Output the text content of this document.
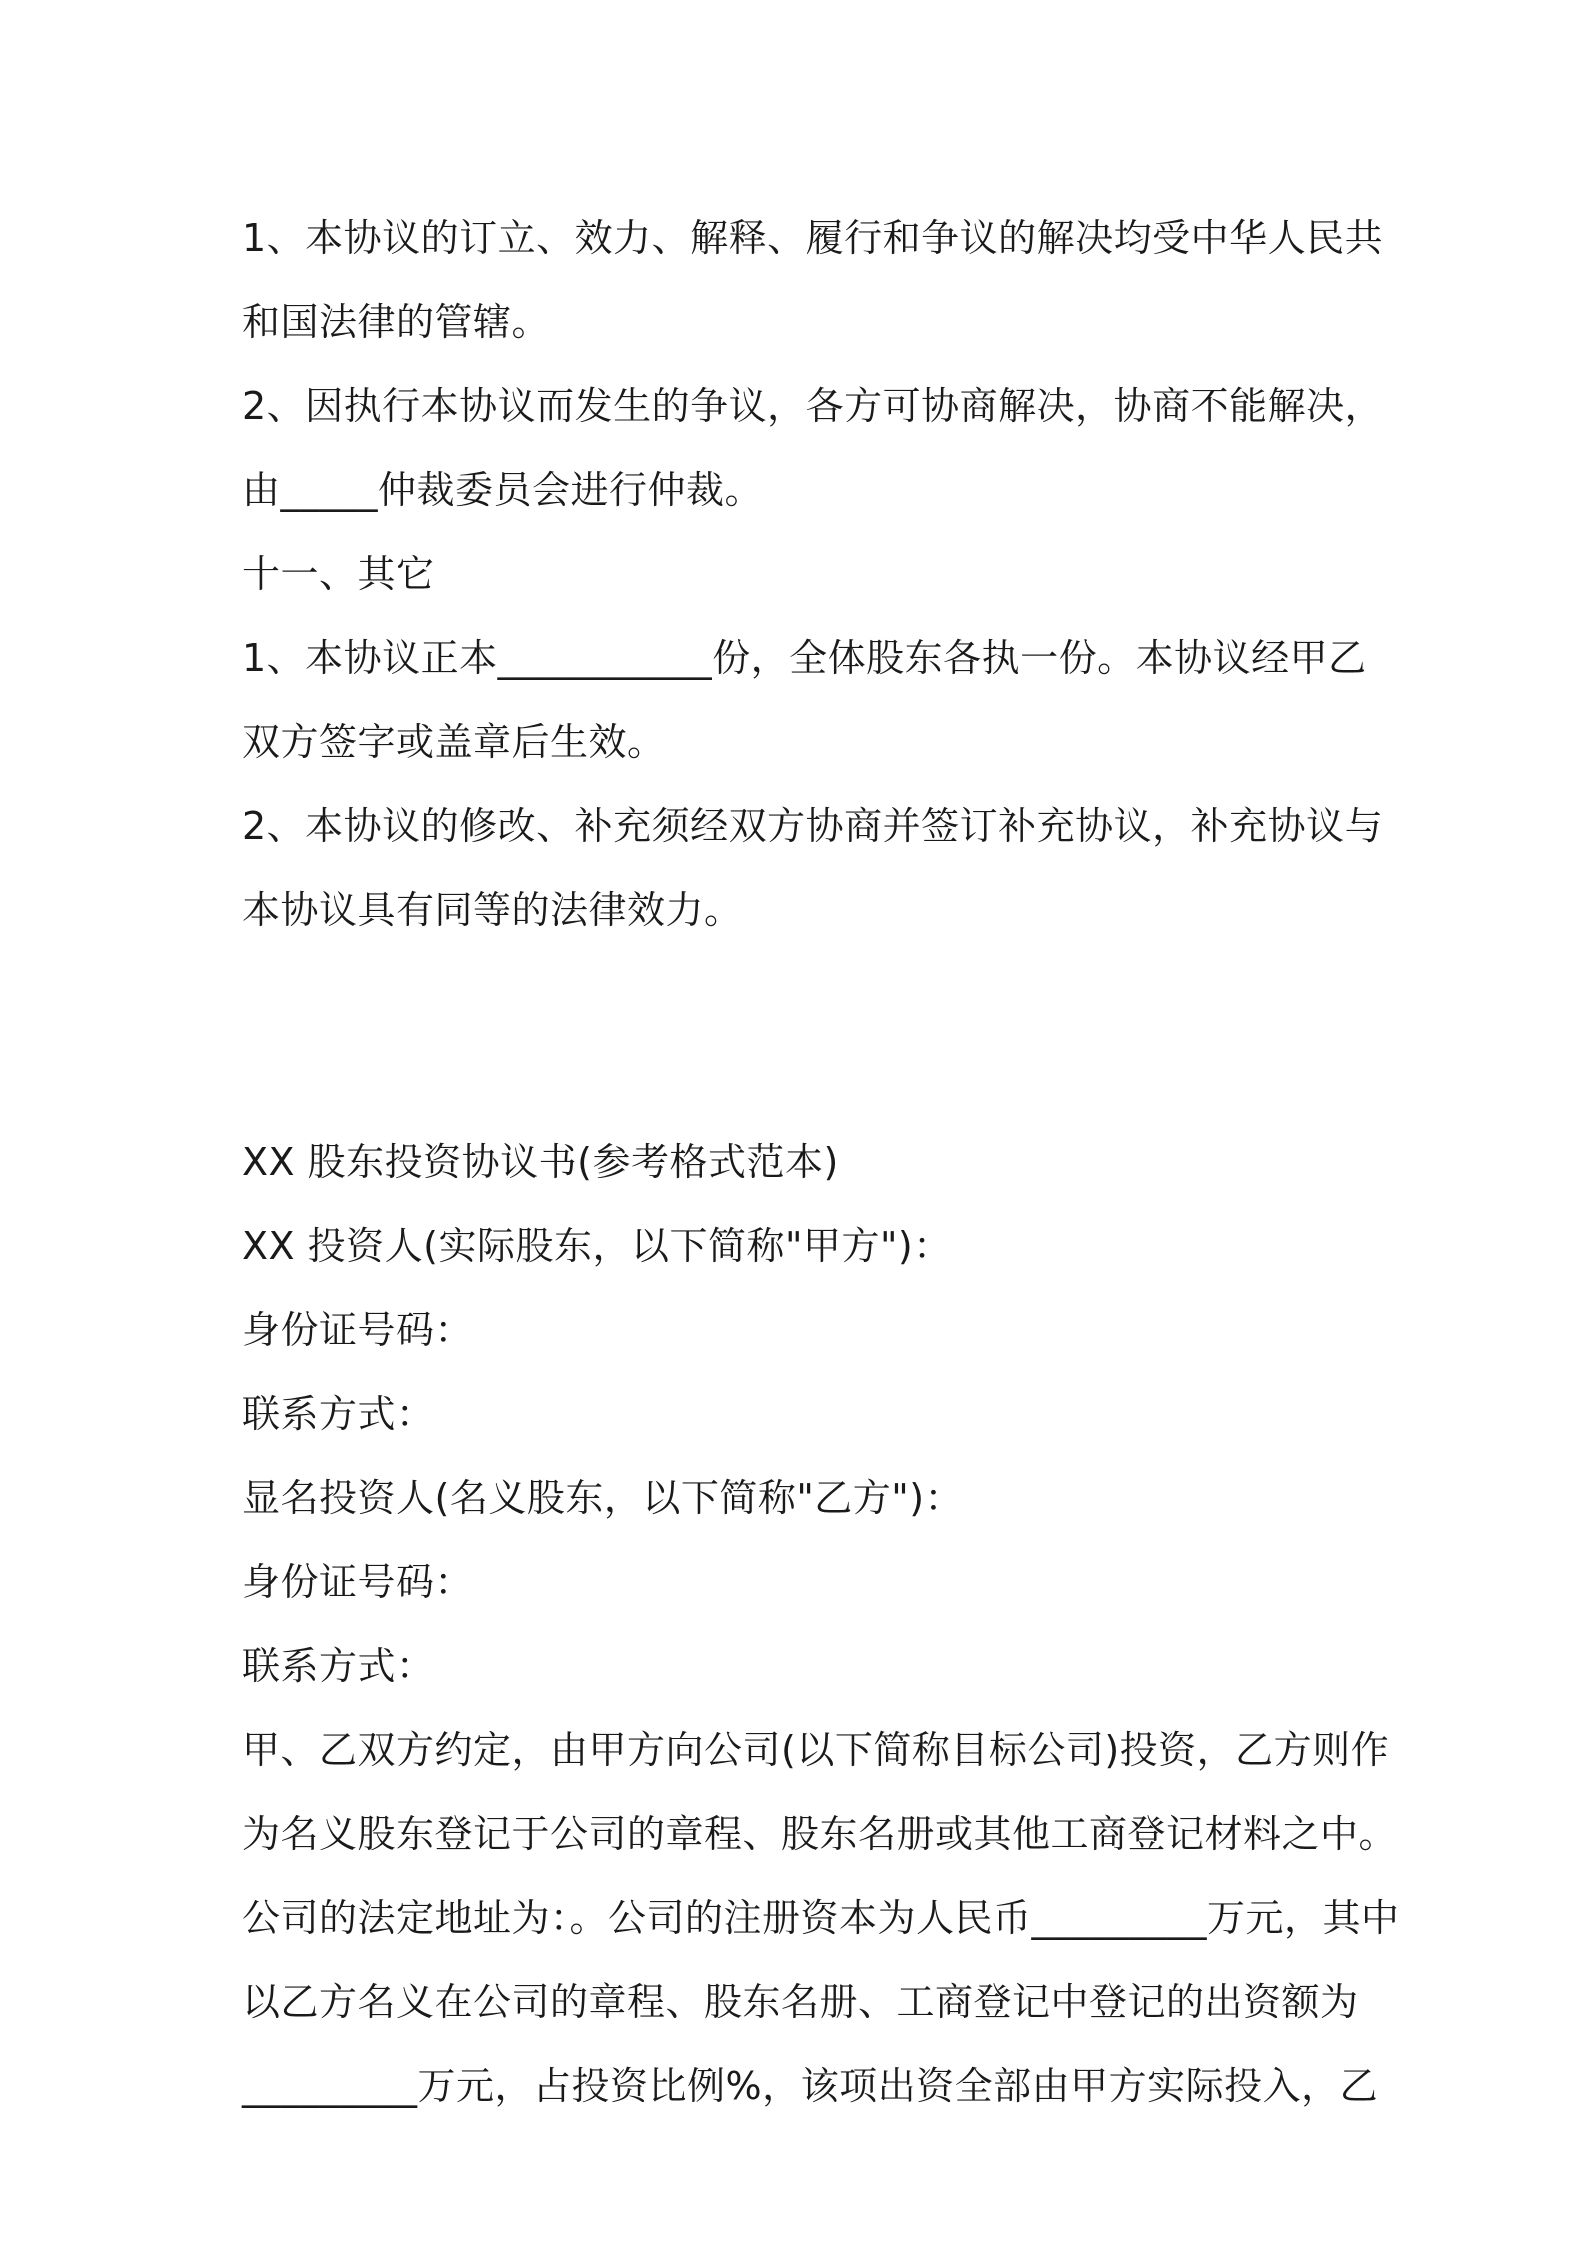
1、本协议的订立、效力、解释、履行和争议的解决均受中华人民共

和国法律的管辖。

2、因执行本协议而发生的争议，各方可协商解决，协商不能解决，

由_____仲裁委员会进行仲裁。

十一、其它

1、本协议正本___________份，全体股东各执一份。本协议经甲乙

双方签字或盖章后生效。

2、本协议的修改、补充须经双方协商并签订补充协议，补充协议与

本协议具有同等的法律效力。

XX 股东投资协议书(参考格式范本)

XX 投资人(实际股东，以下简称"甲方")：

身份证号码：

联系方式：

显名投资人(名义股东，以下简称"乙方")：

身份证号码：

联系方式：

甲、乙双方约定，由甲方向公司(以下简称目标公司)投资，乙方则作

为名义股东登记于公司的章程、股东名册或其他工商登记材料之中。

公司的法定地址为：。公司的注册资本为人民币_________万元，其中

以乙方名义在公司的章程、股东名册、工商登记中登记的出资额为

_________万元，占投资比例%，该项出资全部由甲方实际投入，乙
